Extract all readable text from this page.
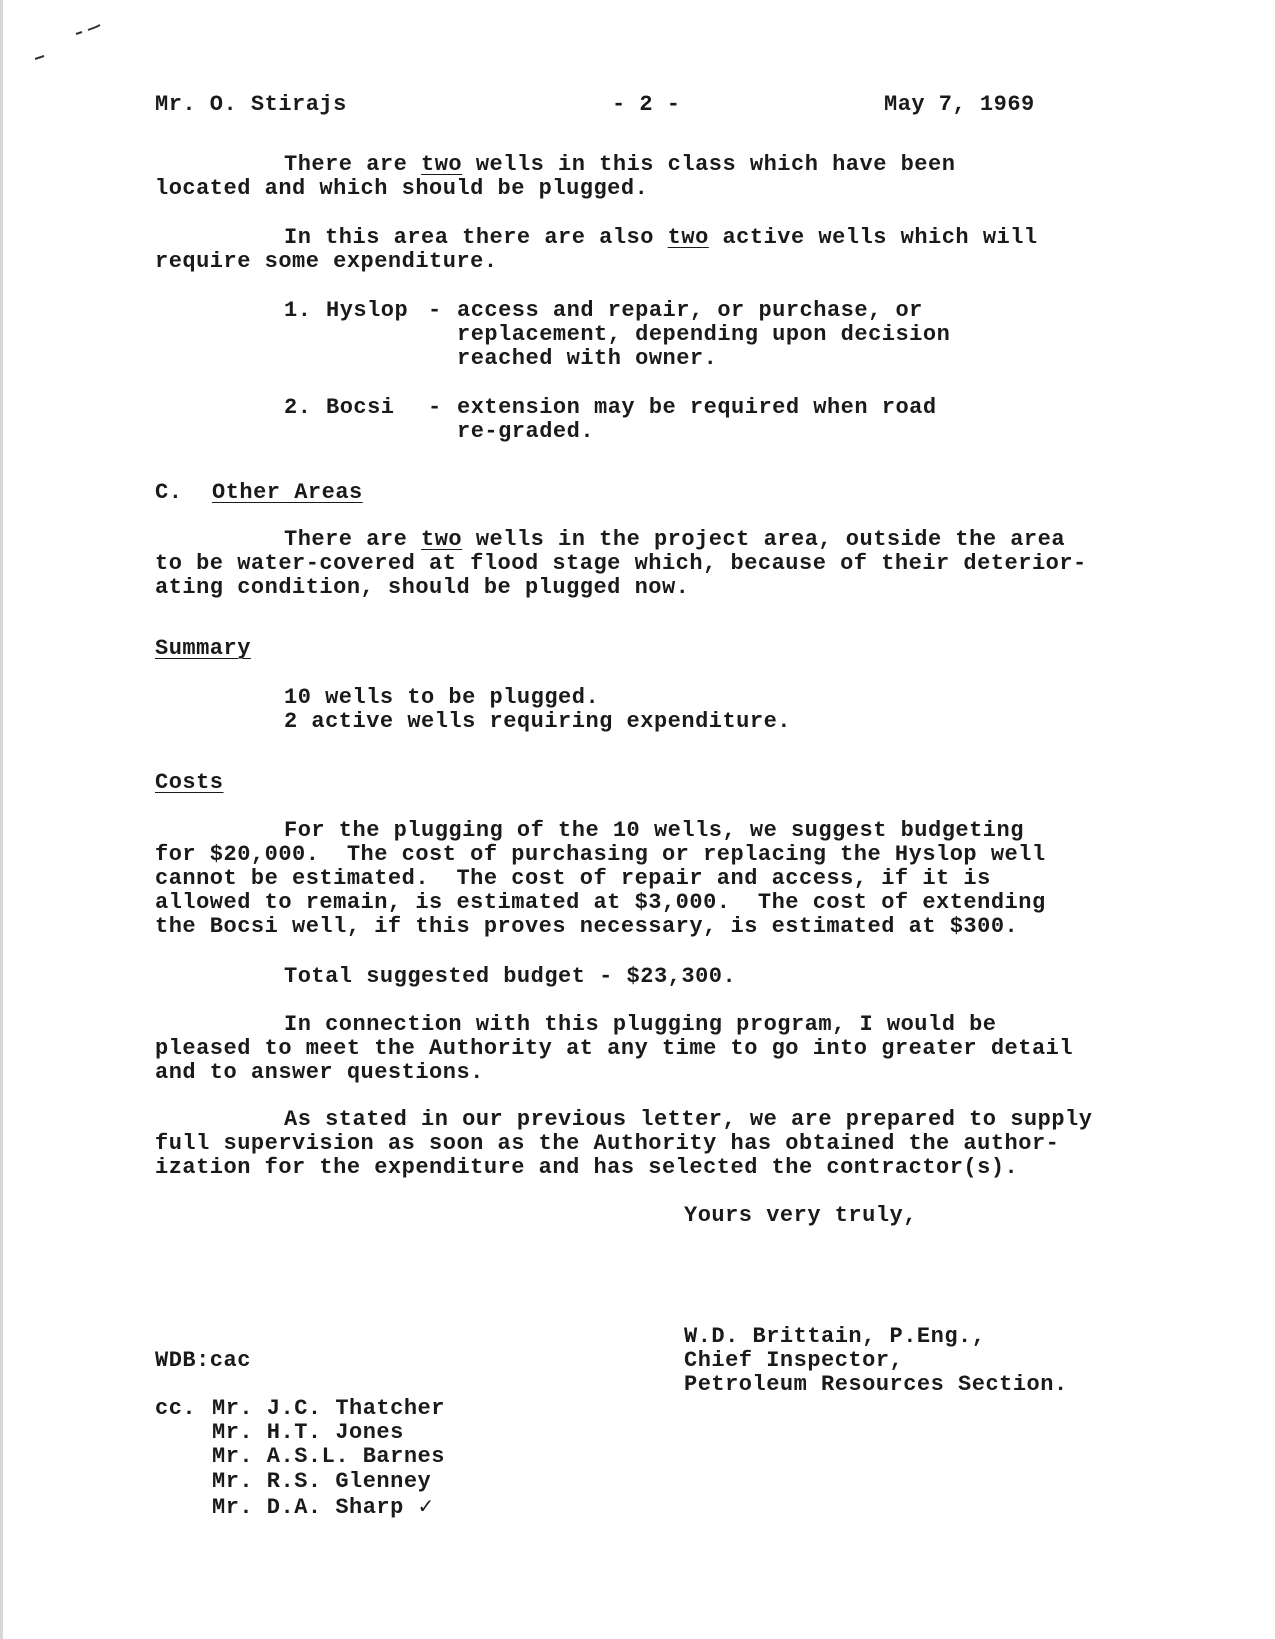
Mr. O. Stirajs	- 2 -	May 7, 1969
There are two wells in this class which have been
located and which should be plugged.
In this area there are also two active wells which will
require some expenditure.
1. Hyslop - access and repair, or purchase, or
replacement, depending upon decision
reached with owner.
2. Bocsi - extension may be required when road
re-graded.
C. Other Areas
There are two wells in the project area, outside the area
to be water-covered at flood stage which, because of their deterior-
ating condition, should be plugged now.
Summary
10 wells to be plugged.
2 active wells requiring expenditure.
Costs
For the plugging of the 10 wells, we suggest budgeting
for $20,000.  The cost of purchasing or replacing the Hyslop well
cannot be estimated.  The cost of repair and access, if it is
allowed to remain, is estimated at $3,000.  The cost of extending
the Bocsi well, if this proves necessary, is estimated at $300.
Total suggested budget - $23,300.
In connection with this plugging program, I would be
pleased to meet the Authority at any time to go into greater detail
and to answer questions.
As stated in our previous letter, we are prepared to supply
full supervision as soon as the Authority has obtained the author-
ization for the expenditure and has selected the contractor(s).
Yours very truly,
W.D. Brittain, P.Eng.,
Chief Inspector,
Petroleum Resources Section.
WDB:cac
cc. Mr. J.C. Thatcher
Mr. H.T. Jones
Mr. A.S.L. Barnes
Mr. R.S. Glenney
Mr. D.A. Sharp ✓
